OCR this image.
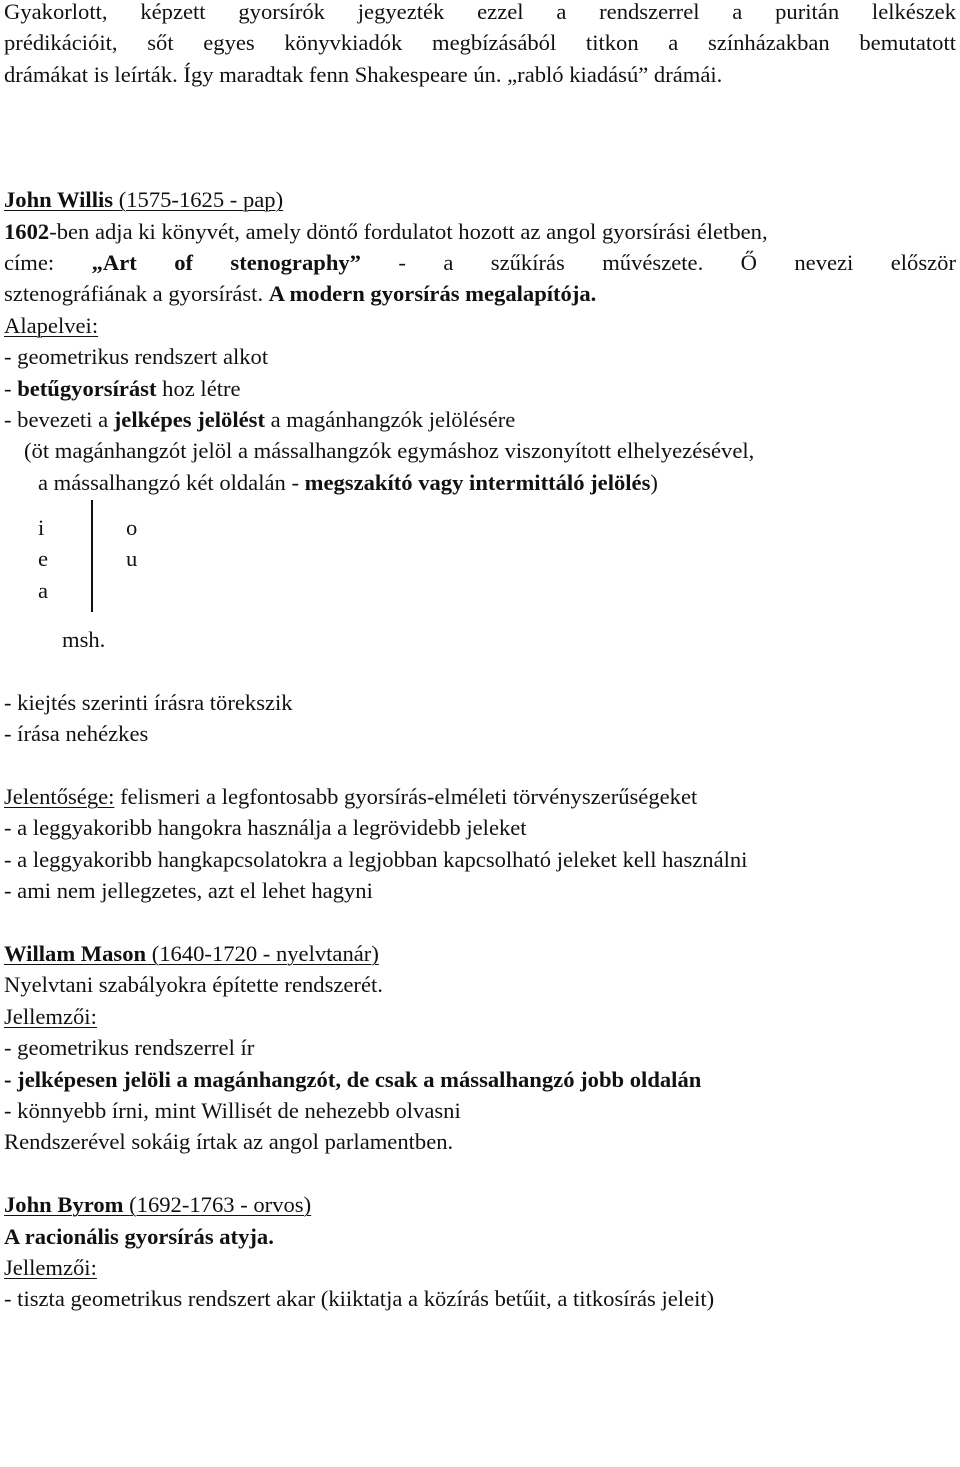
Gyakorlott, képzett gyorsírók jegyezték ezzel a rendszerrel a puritán lelkészek
prédikációit, sőt egyes könyvkiadók megbízásából titkon a színházakban bemutatott
drámákat is leírták. Így maradtak fenn Shakespeare ún. „rabló kiadású” drámái.
John Willis (1575-1625 - pap)
1602-ben adja ki könyvét, amely döntő fordulatot hozott az angol gyorsírási életben,
címe: „Art of stenography” - a szűkírás művészete. Ő nevezi először
sztenográfiának a gyorsírást. A modern gyorsírás megalapítója.
Alapelvei:
- geometrikus rendszert alkot
- betűgyorsírást hoz létre
- bevezeti a jelképes jelölést a magánhangzók jelölésére
(öt magánhangzót jelöl a mássalhangzók egymáshoz viszonyított elhelyezésével,
a mássalhangzó két oldalán - megszakító vagy intermittáló jelölés)
i
e
a
o
u
msh.
- kiejtés szerinti írásra törekszik
- írása nehézkes
Jelentősége: felismeri a legfontosabb gyorsírás-elméleti törvényszerűségeket
- a leggyakoribb hangokra használja a legrövidebb jeleket
- a leggyakoribb hangkapcsolatokra a legjobban kapcsolható jeleket kell használni
- ami nem jellegzetes, azt el lehet hagyni
Willam Mason (1640-1720 - nyelvtanár)
Nyelvtani szabályokra építette rendszerét.
Jellemzői:
- geometrikus rendszerrel ír
- jelképesen jelöli a magánhangzót, de csak a mássalhangzó jobb oldalán
- könnyebb írni, mint Willisét de nehezebb olvasni
Rendszerével sokáig írtak az angol parlamentben.
John Byrom (1692-1763 - orvos)
A racionális gyorsírás atyja.
Jellemzői:
- tiszta geometrikus rendszert akar (kiiktatja a közírás betűit, a titkosírás jeleit)
